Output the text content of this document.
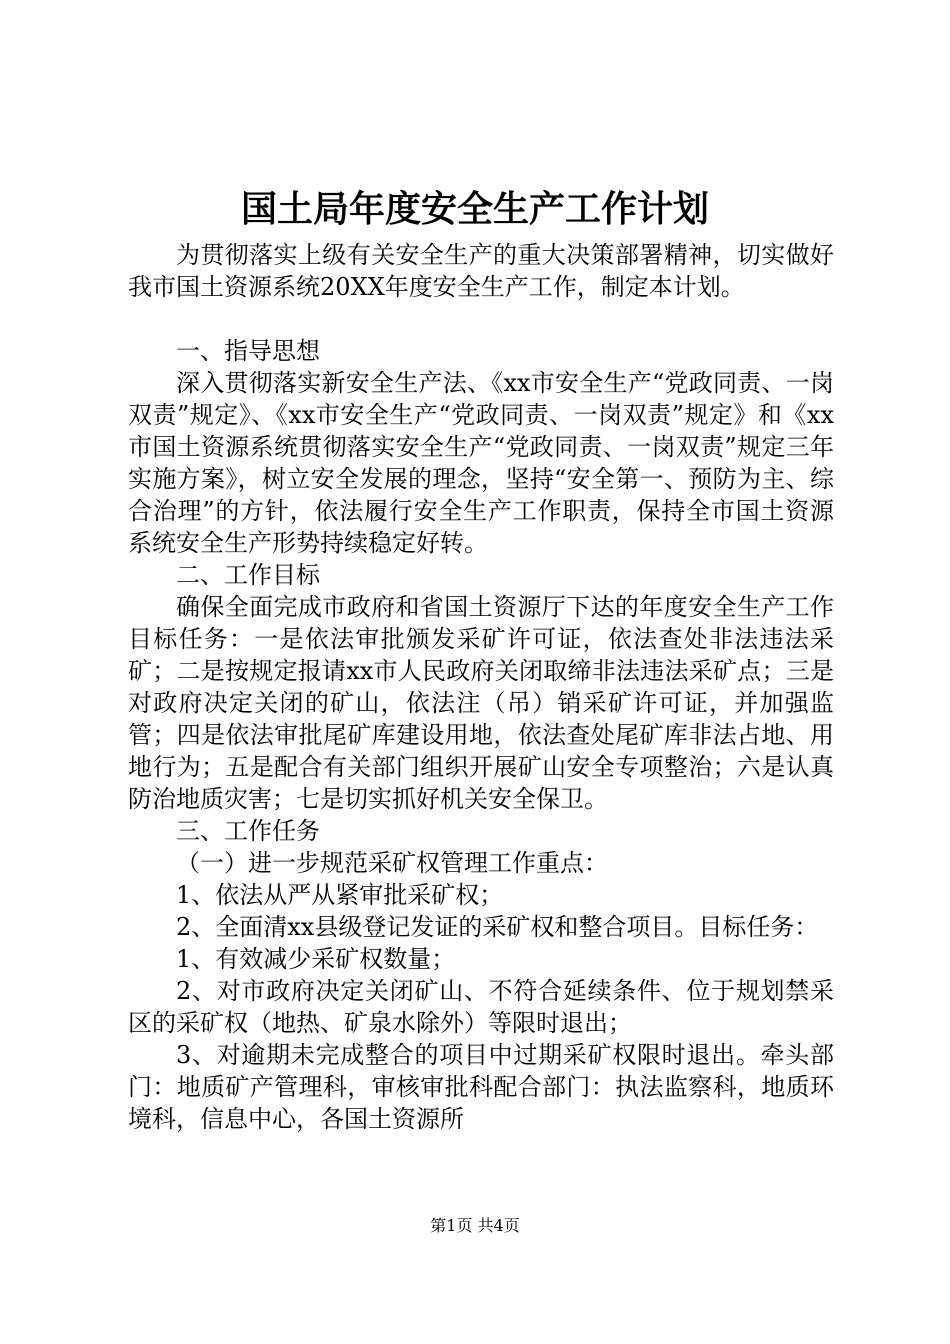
国土局年度安全生产工作计划

为贯彻落实上级有关安全生产的重大决策部署精神，切实做好我市国土资源系统20XX年度安全生产工作，制定本计划。

一、指导思想

深入贯彻落实新安全生产法、《xx市安全生产“党政同责、一岗双责”规定》、《xx市安全生产“党政同责、一岗双责”规定》和《xx市国土资源系统贯彻落实安全生产“党政同责、一岗双责”规定三年实施方案》，树立安全发展的理念，坚持“安全第一、预防为主、综合治理”的方针，依法履行安全生产工作职责，保持全市国土资源系统安全生产形势持续稳定好转。

二、工作目标

确保全面完成市政府和省国土资源厅下达的年度安全生产工作目标任务：一是依法审批颁发采矿许可证，依法查处非法违法采矿；二是按规定报请xx市人民政府关闭取缔非法违法采矿点；三是对政府决定关闭的矿山，依法注（吊）销采矿许可证，并加强监管；四是依法审批尾矿库建设用地，依法查处尾矿库非法占地、用地行为；五是配合有关部门组织开展矿山安全专项整治；六是认真防治地质灾害；七是切实抓好机关安全保卫。

三、工作任务

（一）进一步规范采矿权管理工作重点：

1、依法从严从紧审批采矿权；

2、全面清xx县级登记发证的采矿权和整合项目。目标任务：

1、有效减少采矿权数量；

2、对市政府决定关闭矿山、不符合延续条件、位于规划禁采区的采矿权（地热、矿泉水除外）等限时退出；

3、对逾期未完成整合的项目中过期采矿权限时退出。牵头部门：地质矿产管理科，审核审批科配合部门：执法监察科，地质环境科，信息中心，各国土资源所

第1页 共4页
